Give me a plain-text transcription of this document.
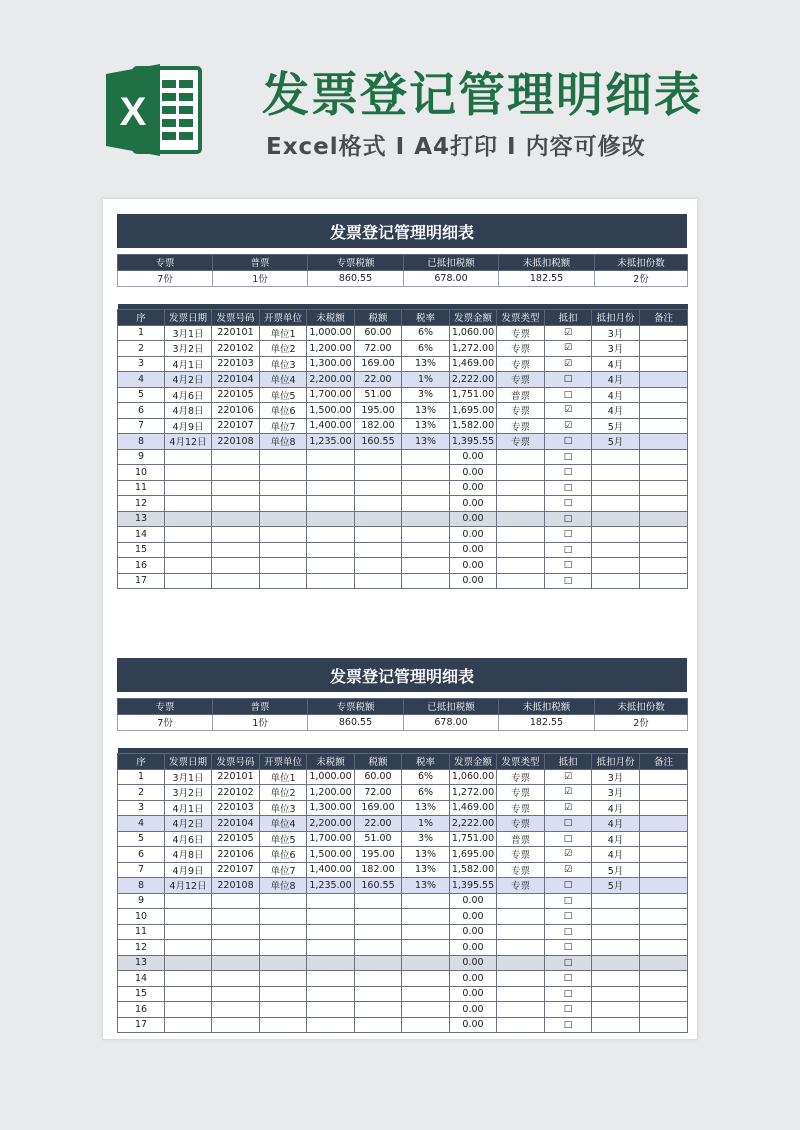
X 发票登记管理明细表
Excel格式 Ⅰ A4打印 Ⅰ 内容可修改
发票登记管理明细表
专票	普票	专票税额	已抵扣税额	未抵扣税额	未抵扣份数
7份	1份	860.55	678.00	182.55	2份

序	发票日期	发票号码	开票单位	未税额	税额	税率	发票金额	发票类型	抵扣	抵扣月份	备注
1	3月1日	220101	单位1	1,000.00	60.00	6%	1,060.00	专票	☑	3月	
2	3月2日	220102	单位2	1,200.00	72.00	6%	1,272.00	专票	☑	3月	
3	4月1日	220103	单位3	1,300.00	169.00	13%	1,469.00	专票	☑	4月	
4	4月2日	220104	单位4	2,200.00	22.00	1%	2,222.00	专票	□	4月	
5	4月6日	220105	单位5	1,700.00	51.00	3%	1,751.00	普票	□	4月	
6	4月8日	220106	单位6	1,500.00	195.00	13%	1,695.00	专票	☑	4月	
7	4月9日	220107	单位7	1,400.00	182.00	13%	1,582.00	专票	☑	5月	
8	4月12日	220108	单位8	1,235.00	160.55	13%	1,395.55	专票	□	5月	
9							0.00		□		
10							0.00		□		
11							0.00		□		
12							0.00		□		
13							0.00		□		
14							0.00		□		
15							0.00		□		
16							0.00		□		
17							0.00		□		
发票登记管理明细表
专票	普票	专票税额	已抵扣税额	未抵扣税额	未抵扣份数
7份	1份	860.55	678.00	182.55	2份

序	发票日期	发票号码	开票单位	未税额	税额	税率	发票金额	发票类型	抵扣	抵扣月份	备注
1	3月1日	220101	单位1	1,000.00	60.00	6%	1,060.00	专票	☑	3月	
2	3月2日	220102	单位2	1,200.00	72.00	6%	1,272.00	专票	☑	3月	
3	4月1日	220103	单位3	1,300.00	169.00	13%	1,469.00	专票	☑	4月	
4	4月2日	220104	单位4	2,200.00	22.00	1%	2,222.00	专票	□	4月	
5	4月6日	220105	单位5	1,700.00	51.00	3%	1,751.00	普票	□	4月	
6	4月8日	220106	单位6	1,500.00	195.00	13%	1,695.00	专票	☑	4月	
7	4月9日	220107	单位7	1,400.00	182.00	13%	1,582.00	专票	☑	5月	
8	4月12日	220108	单位8	1,235.00	160.55	13%	1,395.55	专票	□	5月	
9							0.00		□		
10							0.00		□		
11							0.00		□		
12							0.00		□		
13							0.00		□		
14							0.00		□		
15							0.00		□		
16							0.00		□		
17							0.00		□		
